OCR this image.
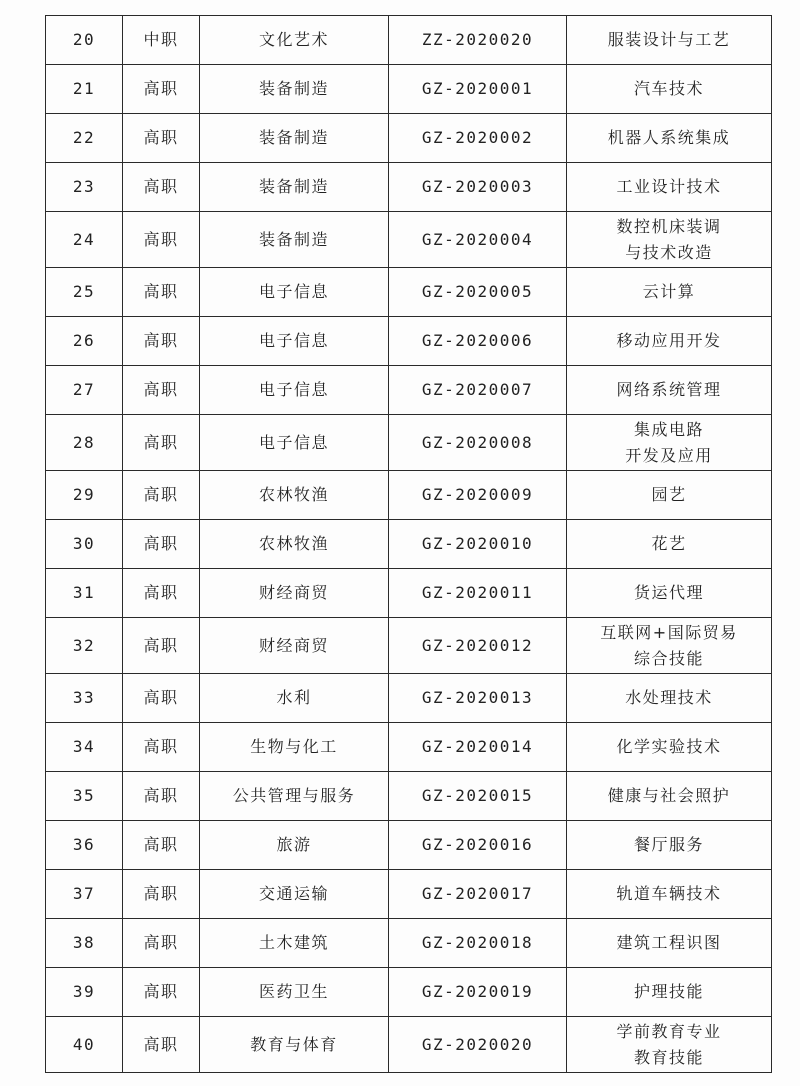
20	中职	文化艺术	ZZ-2020020	服装设计与工艺

21	高职	装备制造	GZ-2020001	汽车技术

22	高职	装备制造	GZ-2020002	机器人系统集成

23	高职	装备制造	GZ-2020003	工业设计技术

24	高职	装备制造	GZ-2020004	数控机床装调
与技术改造

25	高职	电子信息	GZ-2020005	云计算

26	高职	电子信息	GZ-2020006	移动应用开发

27	高职	电子信息	GZ-2020007	网络系统管理

28	高职	电子信息	GZ-2020008	集成电路
开发及应用

29	高职	农林牧渔	GZ-2020009	园艺

30	高职	农林牧渔	GZ-2020010	花艺

31	高职	财经商贸	GZ-2020011	货运代理

32	高职	财经商贸	GZ-2020012	互联网+国际贸易
综合技能

33	高职	水利	GZ-2020013	水处理技术

34	高职	生物与化工	GZ-2020014	化学实验技术

35	高职	公共管理与服务	GZ-2020015	健康与社会照护

36	高职	旅游	GZ-2020016	餐厅服务

37	高职	交通运输	GZ-2020017	轨道车辆技术

38	高职	土木建筑	GZ-2020018	建筑工程识图

39	高职	医药卫生	GZ-2020019	护理技能

40	高职	教育与体育	GZ-2020020	学前教育专业
教育技能
